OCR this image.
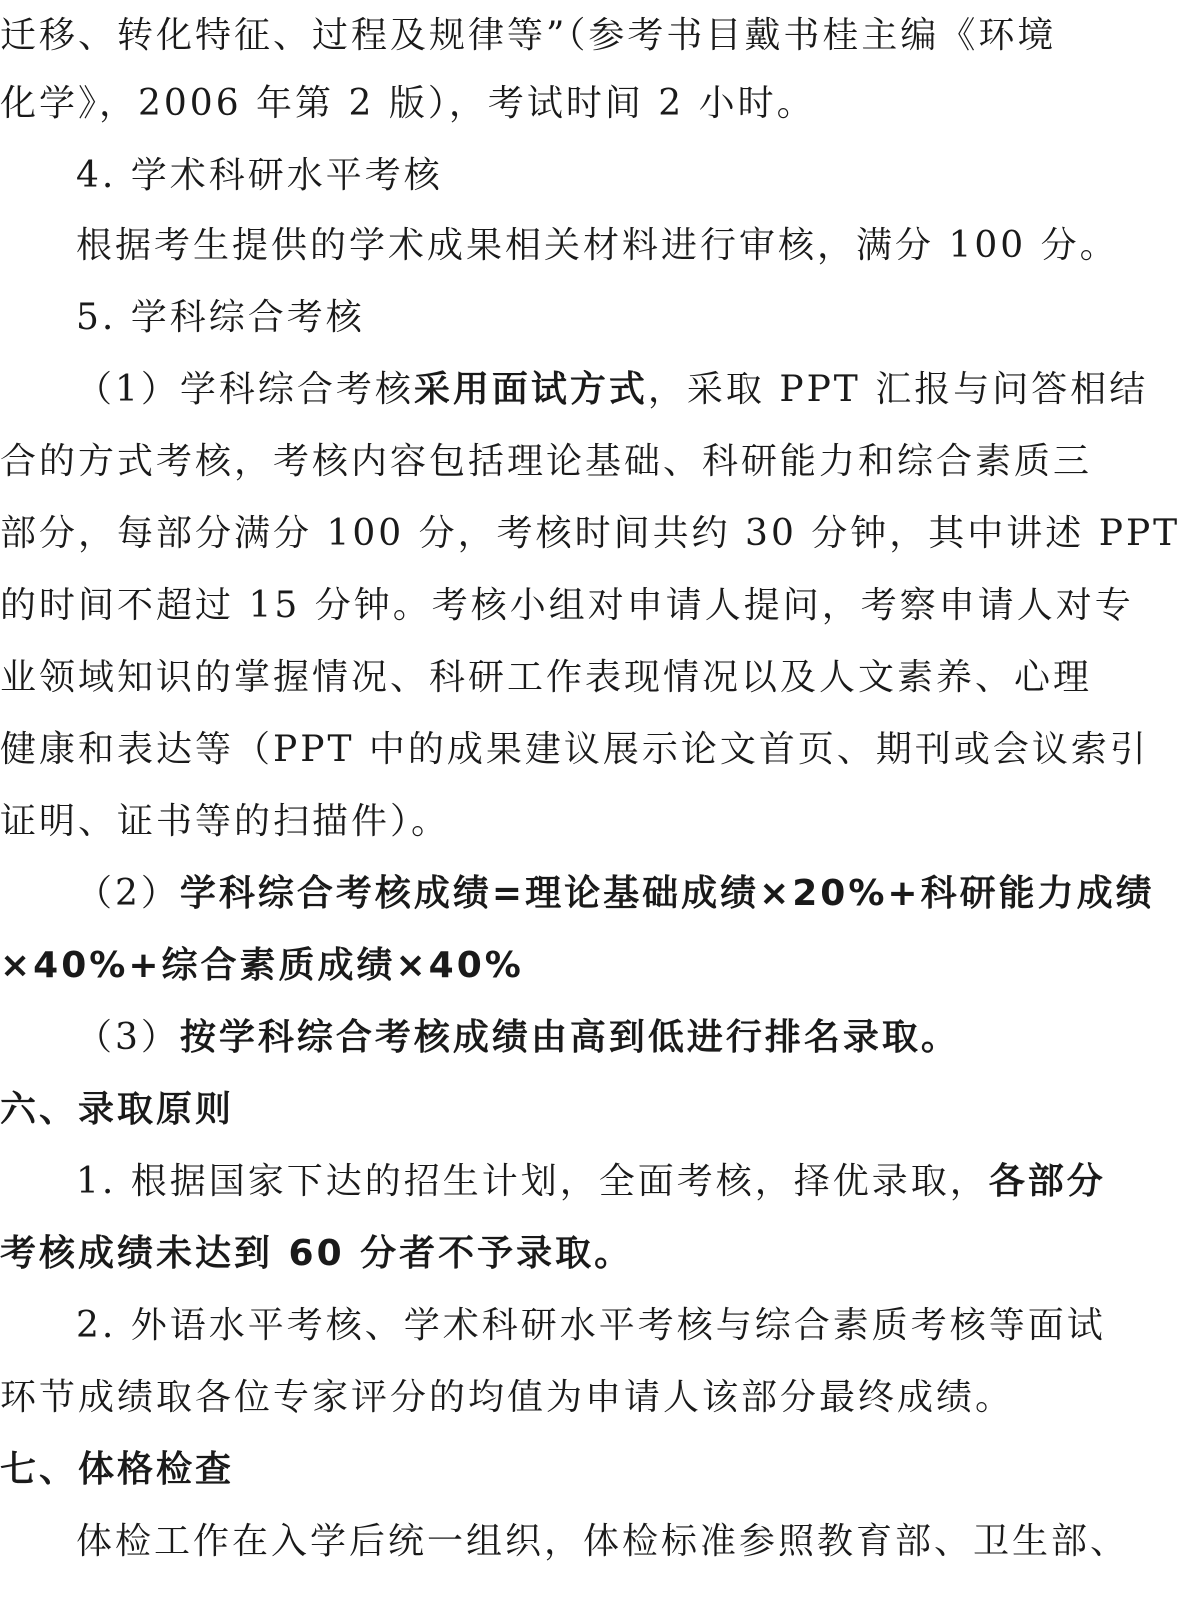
迁移、转化特征、过程及规律等”（参考书目戴书桂主编《环境
化学》，2006 年第 2 版），考试时间 2 小时。
4. 学术科研水平考核
根据考生提供的学术成果相关材料进行审核，满分 100 分。
5. 学科综合考核
（1）学科综合考核采用面试方式，采取 PPT 汇报与问答相结
合的方式考核，考核内容包括理论基础、科研能力和综合素质三
部分，每部分满分 100 分，考核时间共约 30 分钟，其中讲述 PPT
的时间不超过 15 分钟。考核小组对申请人提问，考察申请人对专
业领域知识的掌握情况、科研工作表现情况以及人文素养、心理
健康和表达等（PPT 中的成果建议展示论文首页、期刊或会议索引
证明、证书等的扫描件）。
（2）学科综合考核成绩=理论基础成绩×20%+科研能力成绩
×40%+综合素质成绩×40%
（3）按学科综合考核成绩由高到低进行排名录取。
六、录取原则
1. 根据国家下达的招生计划，全面考核，择优录取，各部分
考核成绩未达到 60 分者不予录取。
2. 外语水平考核、学术科研水平考核与综合素质考核等面试
环节成绩取各位专家评分的均值为申请人该部分最终成绩。
七、体格检查
体检工作在入学后统一组织，体检标准参照教育部、卫生部、
